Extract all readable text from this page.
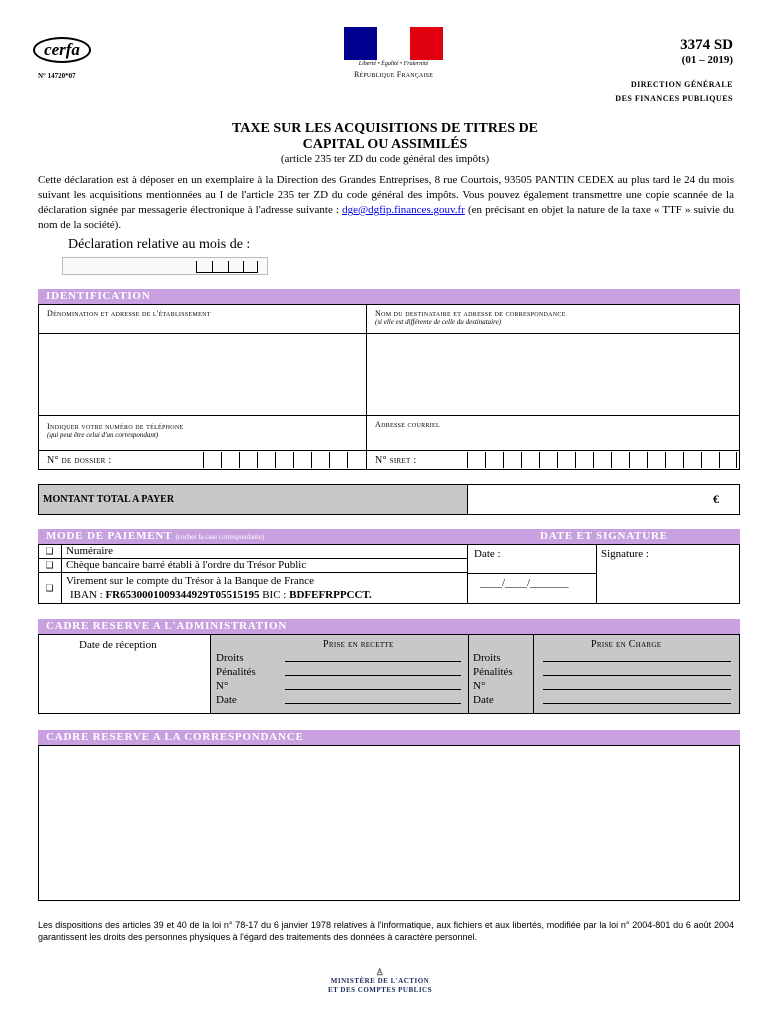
cerfa
N° 14720*07
Liberté • Égalité • Fraternité
République Française
3374 SD
(01 – 2019)
DIRECTION GÉNÉRALE
DES FINANCES PUBLIQUES
TAXE SUR LES ACQUISITIONS DE TITRES DE
CAPITAL OU ASSIMILÉS
(article 235 ter ZD du code général des impôts)
Cette déclaration est à déposer en un exemplaire à la Direction des Grandes Entreprises, 8 rue Courtois, 93505 PANTIN CEDEX au plus tard le 24 du mois suivant les acquisitions mentionnées au I de l'article 235 ter ZD du code général des impôts. Vous pouvez également transmettre une copie scannée de la déclaration signée par messagerie électronique à l'adresse suivante : dge@dgfip.finances.gouv.fr (en précisant en objet la nature de la taxe « TTF » suivie du nom de la société).
Déclaration relative au mois de :
IDENTIFICATION
Dénomination et adresse de l'établissement	Nom du destinataire et adresse de correspondance
(si elle est différente de celle du destinataire)
Indiquer votre numéro de téléphone
(qui peut être celui d'un correspondant)
Adresse courriel
N° de dossier :	N° siret :
MONTANT TOTAL A PAYER	€
MODE DE PAIEMENT (cocher la case correspondante)	DATE ET SIGNATURE
❑	Numéraire
❑	Chèque bancaire barré établi à l'ordre du Trésor Public
❑
Virement sur le compte du Trésor à la Banque de France
IBAN : FR6530001009344929T05515195 BIC : BDFEFRPPCCT.
Date :
____/____/_______
Signature :
CADRE RESERVE A L'ADMINISTRATION
Date de réception
Droits
Pénalités
N°
Date
Prise en recette
Droits
Pénalités
N°
Date
Prise en Charge
CADRE RESERVE A LA CORRESPONDANCE
Les dispositions des articles 39 et 40 de la loi n° 78-17 du 6 janvier 1978 relatives à l'informatique, aux fichiers et aux libertés, modifiée par la loi n° 2004-801 du 6 août 2004 garantissent les droits des personnes physiques à l'égard des traitements des données à caractère personnel.
♙
MINISTÈRE DE L'ACTION
ET DES COMPTES PUBLICS
